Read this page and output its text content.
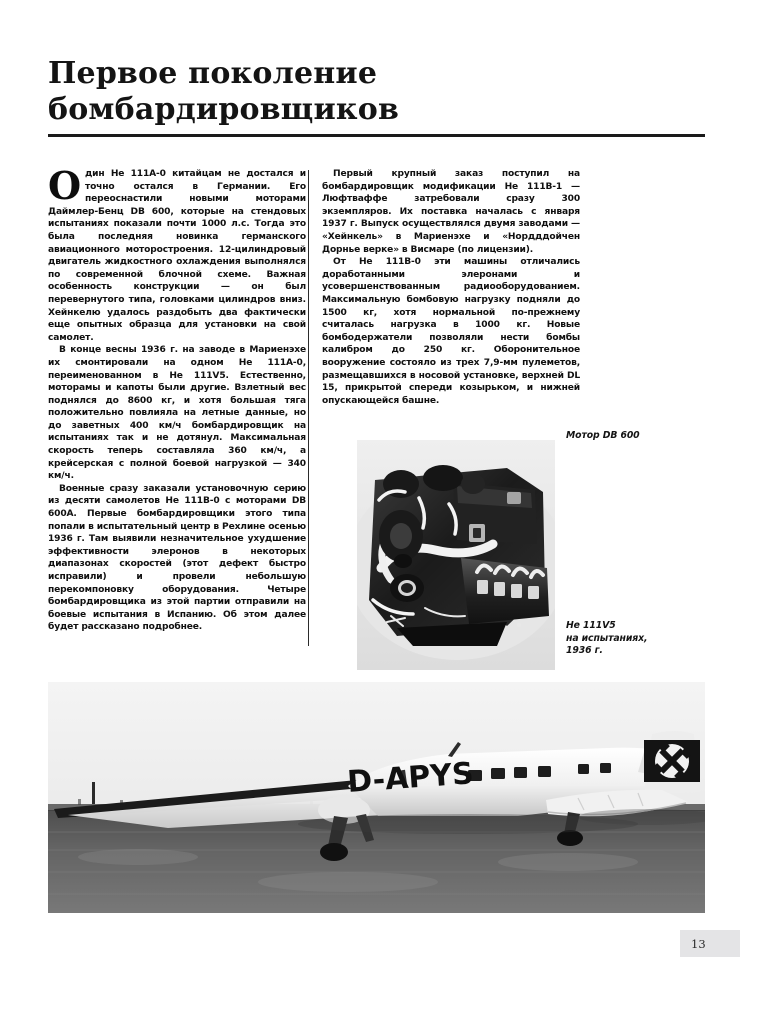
Первое поколение
бомбардировщиков

Один Не 111А-0 китайцам не достался и точно остался в Германии. Его переоснастили новыми моторами Даймлер-Бенц DB 600, которые на стендовых испытаниях показали почти 1000 л.с. Тогда это была последняя новинка германского авиационного моторостроения. 12-цилиндровый двигатель жидкостного охлаждения выполнялся по современной блочной схеме. Важная особенность конструкции — он был перевернутого типа, головками цилиндров вниз. Хейнкелю удалось раздобыть два фактически еще опытных образца для установки на свой самолет.

В конце весны 1936 г. на заводе в Мариенэхе их смонтировали на одном Не 111А-0, переименованном в Не 111V5. Естественно, моторамы и капоты были другие. Взлетный вес поднялся до 8600 кг, и хотя большая тяга положительно повлияла на летные данные, но до заветных 400 км/ч бомбардировщик на испытаниях так и не дотянул. Максимальная скорость теперь составляла 360 км/ч, а крейсерская с полной боевой нагрузкой — 340 км/ч.

Военные сразу заказали установочную серию из десяти самолетов Не 111В-0 с моторами DB 600А. Первые бомбардировщики этого типа попали в испытательный центр в Рехлине осенью 1936 г. Там выявили незначительное ухудшение эффективности элеронов в некоторых диапазонах скоростей (этот дефект быстро исправили) и провели небольшую перекомпоновку оборудования. Четыре бомбардировщика из этой партии отправили на боевые испытания в Испанию. Об этом далее будет рассказано подробнее.

Первый крупный заказ поступил на бомбардировщик модификации Не 111В-1 — Люфтваффе затребовали сразу 300 экземпляров. Их поставка началась с января 1937 г. Выпуск осуществлялся двумя заводами — «Хейнкель» в Мариенэхе и «Нордддойчен Дорнье верке» в Висмаре (по лицензии).

От Не 111В-0 эти машины отличались доработанными элеронами и усовершенствованным радиооборудованием. Максимальную бомбовую нагрузку подняли до 1500 кг, хотя нормальной по-прежнему считалась нагрузка в 1000 кг. Новые бомбодержатели позволяли нести бомбы калибром до 250 кг. Оборонительное вооружение состояло из трех 7,9-мм пулеметов, размещавшихся в носовой установке, верхней DL 15, прикрытой спереди козырьком, и нижней опускающейся башне.

Мотор DB 600
D-APYS
Не 111V5
на испытаниях,
1936 г.
13
